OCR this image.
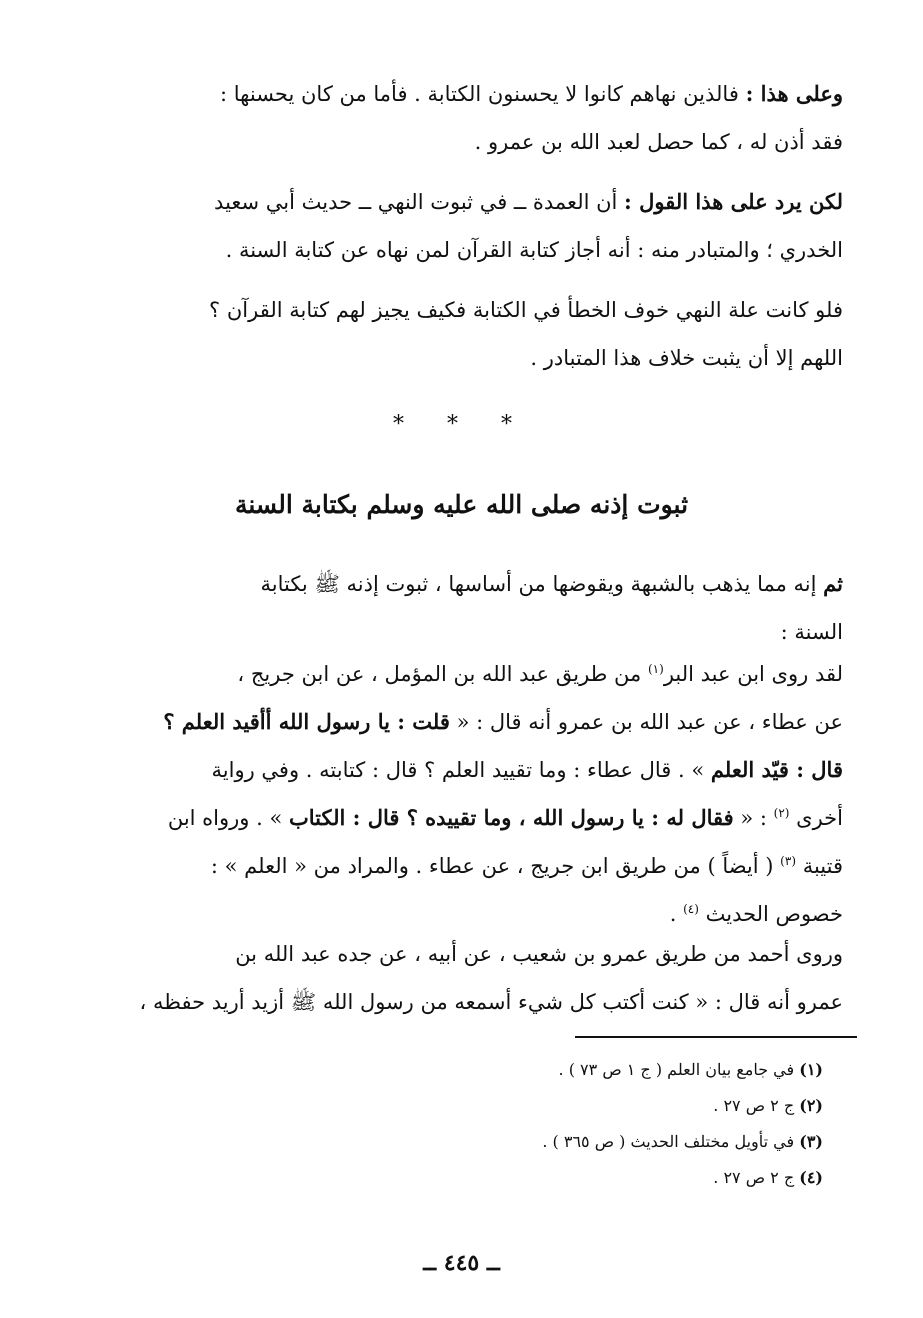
وعلى هذا : فالذين نهاهم كانوا لا يحسنون الكتابة . فأما من كان يحسنها :
فقد أذن له ، كما حصل لعبد الله بن عمرو .
لكن يرد على هذا القول : أن العمدة ــ في ثبوت النهي ــ حديث أبي سعيد
الخدري ؛ والمتبادر منه : أنه أجاز كتابة القرآن لمن نهاه عن كتابة السنة .
فلو كانت علة النهي خوف الخطأ في الكتابة فكيف يجيز لهم كتابة القرآن ؟
اللهم إلا أن يثبت خلاف هذا المتبادر .
* * *
ثبوت إذنه صلى الله عليه وسلم بكتابة السنة
ثم إنه مما يذهب بالشبهة ويقوضها من أساسها ، ثبوت إذنه ﷺ بكتابة
السنة :
لقد روى ابن عبد البر$^{(١)}$ من طريق عبد الله بن المؤمل ، عن ابن جريج ،
عن عطاء ، عن عبد الله بن عمرو أنه قال : « قلت : يا رسول الله أأقيد العلم ؟
قال : قيّد العلم » . قال عطاء : وما تقييد العلم ؟ قال : كتابته . وفي رواية
أخرى $^{(٢)}$ : « فقال له : يا رسول الله ، وما تقييده ؟ قال : الكتاب » . ورواه ابن
قتيبة $^{(٣)}$ ( أيضاً ) من طريق ابن جريج ، عن عطاء . والمراد من « العلم » :
خصوص الحديث $^{(٤)}$ .
وروى أحمد من طريق عمرو بن شعيب ، عن أبيه ، عن جده عبد الله بن
عمرو أنه قال : « كنت أكتب كل شيء أسمعه من رسول الله ﷺ أزيد أريد حفظه ،
(١) في جامع بيان العلم ( ج ١ ص ٧٣ ) .
(٢) ج ٢ ص ٢٧ .
(٣) في تأويل مختلف الحديث ( ص ٣٦٥ ) .
(٤) ج ٢ ص ٢٧ .
ــ ٤٤٥ ــ
